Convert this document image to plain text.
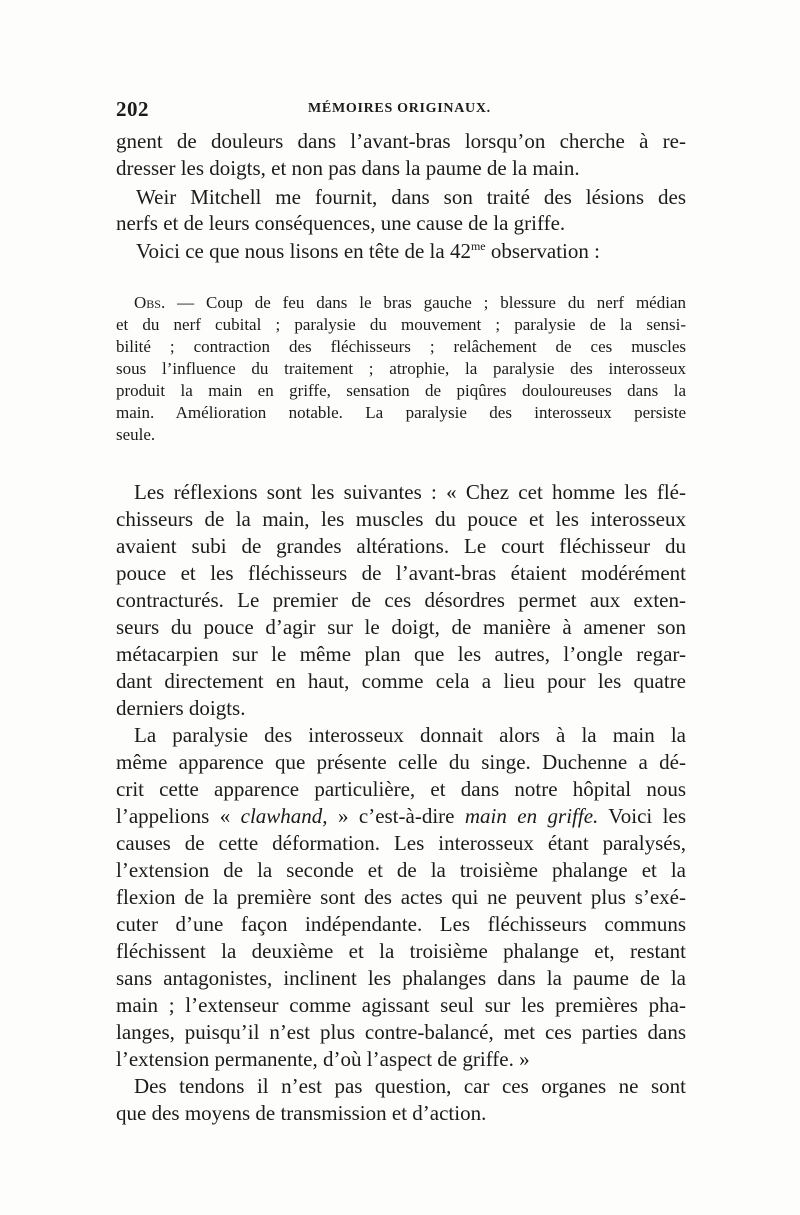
202	MÉMOIRES ORIGINAUX.

gnent de douleurs dans l’avant-bras lorsqu’on cherche à re-

dresser les doigts, et non pas dans la paume de la main.

Weir Mitchell me fournit, dans son traité des lésions des

nerfs et de leurs conséquences, une cause de la griffe.

Voici ce que nous lisons en tête de la $42^{me}$ observation :

Obs. — Coup de feu dans le bras gauche ; blessure du nerf médian

et du nerf cubital ; paralysie du mouvement ; paralysie de la sensi-

bilité ; contraction des fléchisseurs ; relâchement de ces muscles

sous l’influence du traitement ; atrophie, la paralysie des interosseux

produit la main en griffe, sensation de piqûres douloureuses dans la

main. Amélioration notable. La paralysie des interosseux persiste

seule.

Les réflexions sont les suivantes : « Chez cet homme les flé-

chisseurs de la main, les muscles du pouce et les interosseux

avaient subi de grandes altérations. Le court fléchisseur du

pouce et les fléchisseurs de l’avant-bras étaient modérément

contracturés. Le premier de ces désordres permet aux exten-

seurs du pouce d’agir sur le doigt, de manière à amener son

métacarpien sur le même plan que les autres, l’ongle regar-

dant directement en haut, comme cela a lieu pour les quatre

derniers doigts.

La paralysie des interosseux donnait alors à la main la

même apparence que présente celle du singe. Duchenne a dé-

crit cette apparence particulière, et dans notre hôpital nous

l’appelions « clawhand, » c’est-à-dire main en griffe. Voici les

causes de cette déformation. Les interosseux étant paralysés,

l’extension de la seconde et de la troisième phalange et la

flexion de la première sont des actes qui ne peuvent plus s’exé-

cuter d’une façon indépendante. Les fléchisseurs communs

fléchissent la deuxième et la troisième phalange et, restant

sans antagonistes, inclinent les phalanges dans la paume de la

main ; l’extenseur comme agissant seul sur les premières pha-

langes, puisqu’il n’est plus contre-balancé, met ces parties dans

l’extension permanente, d’où l’aspect de griffe. »

Des tendons il n’est pas question, car ces organes ne sont

que des moyens de transmission et d’action.
